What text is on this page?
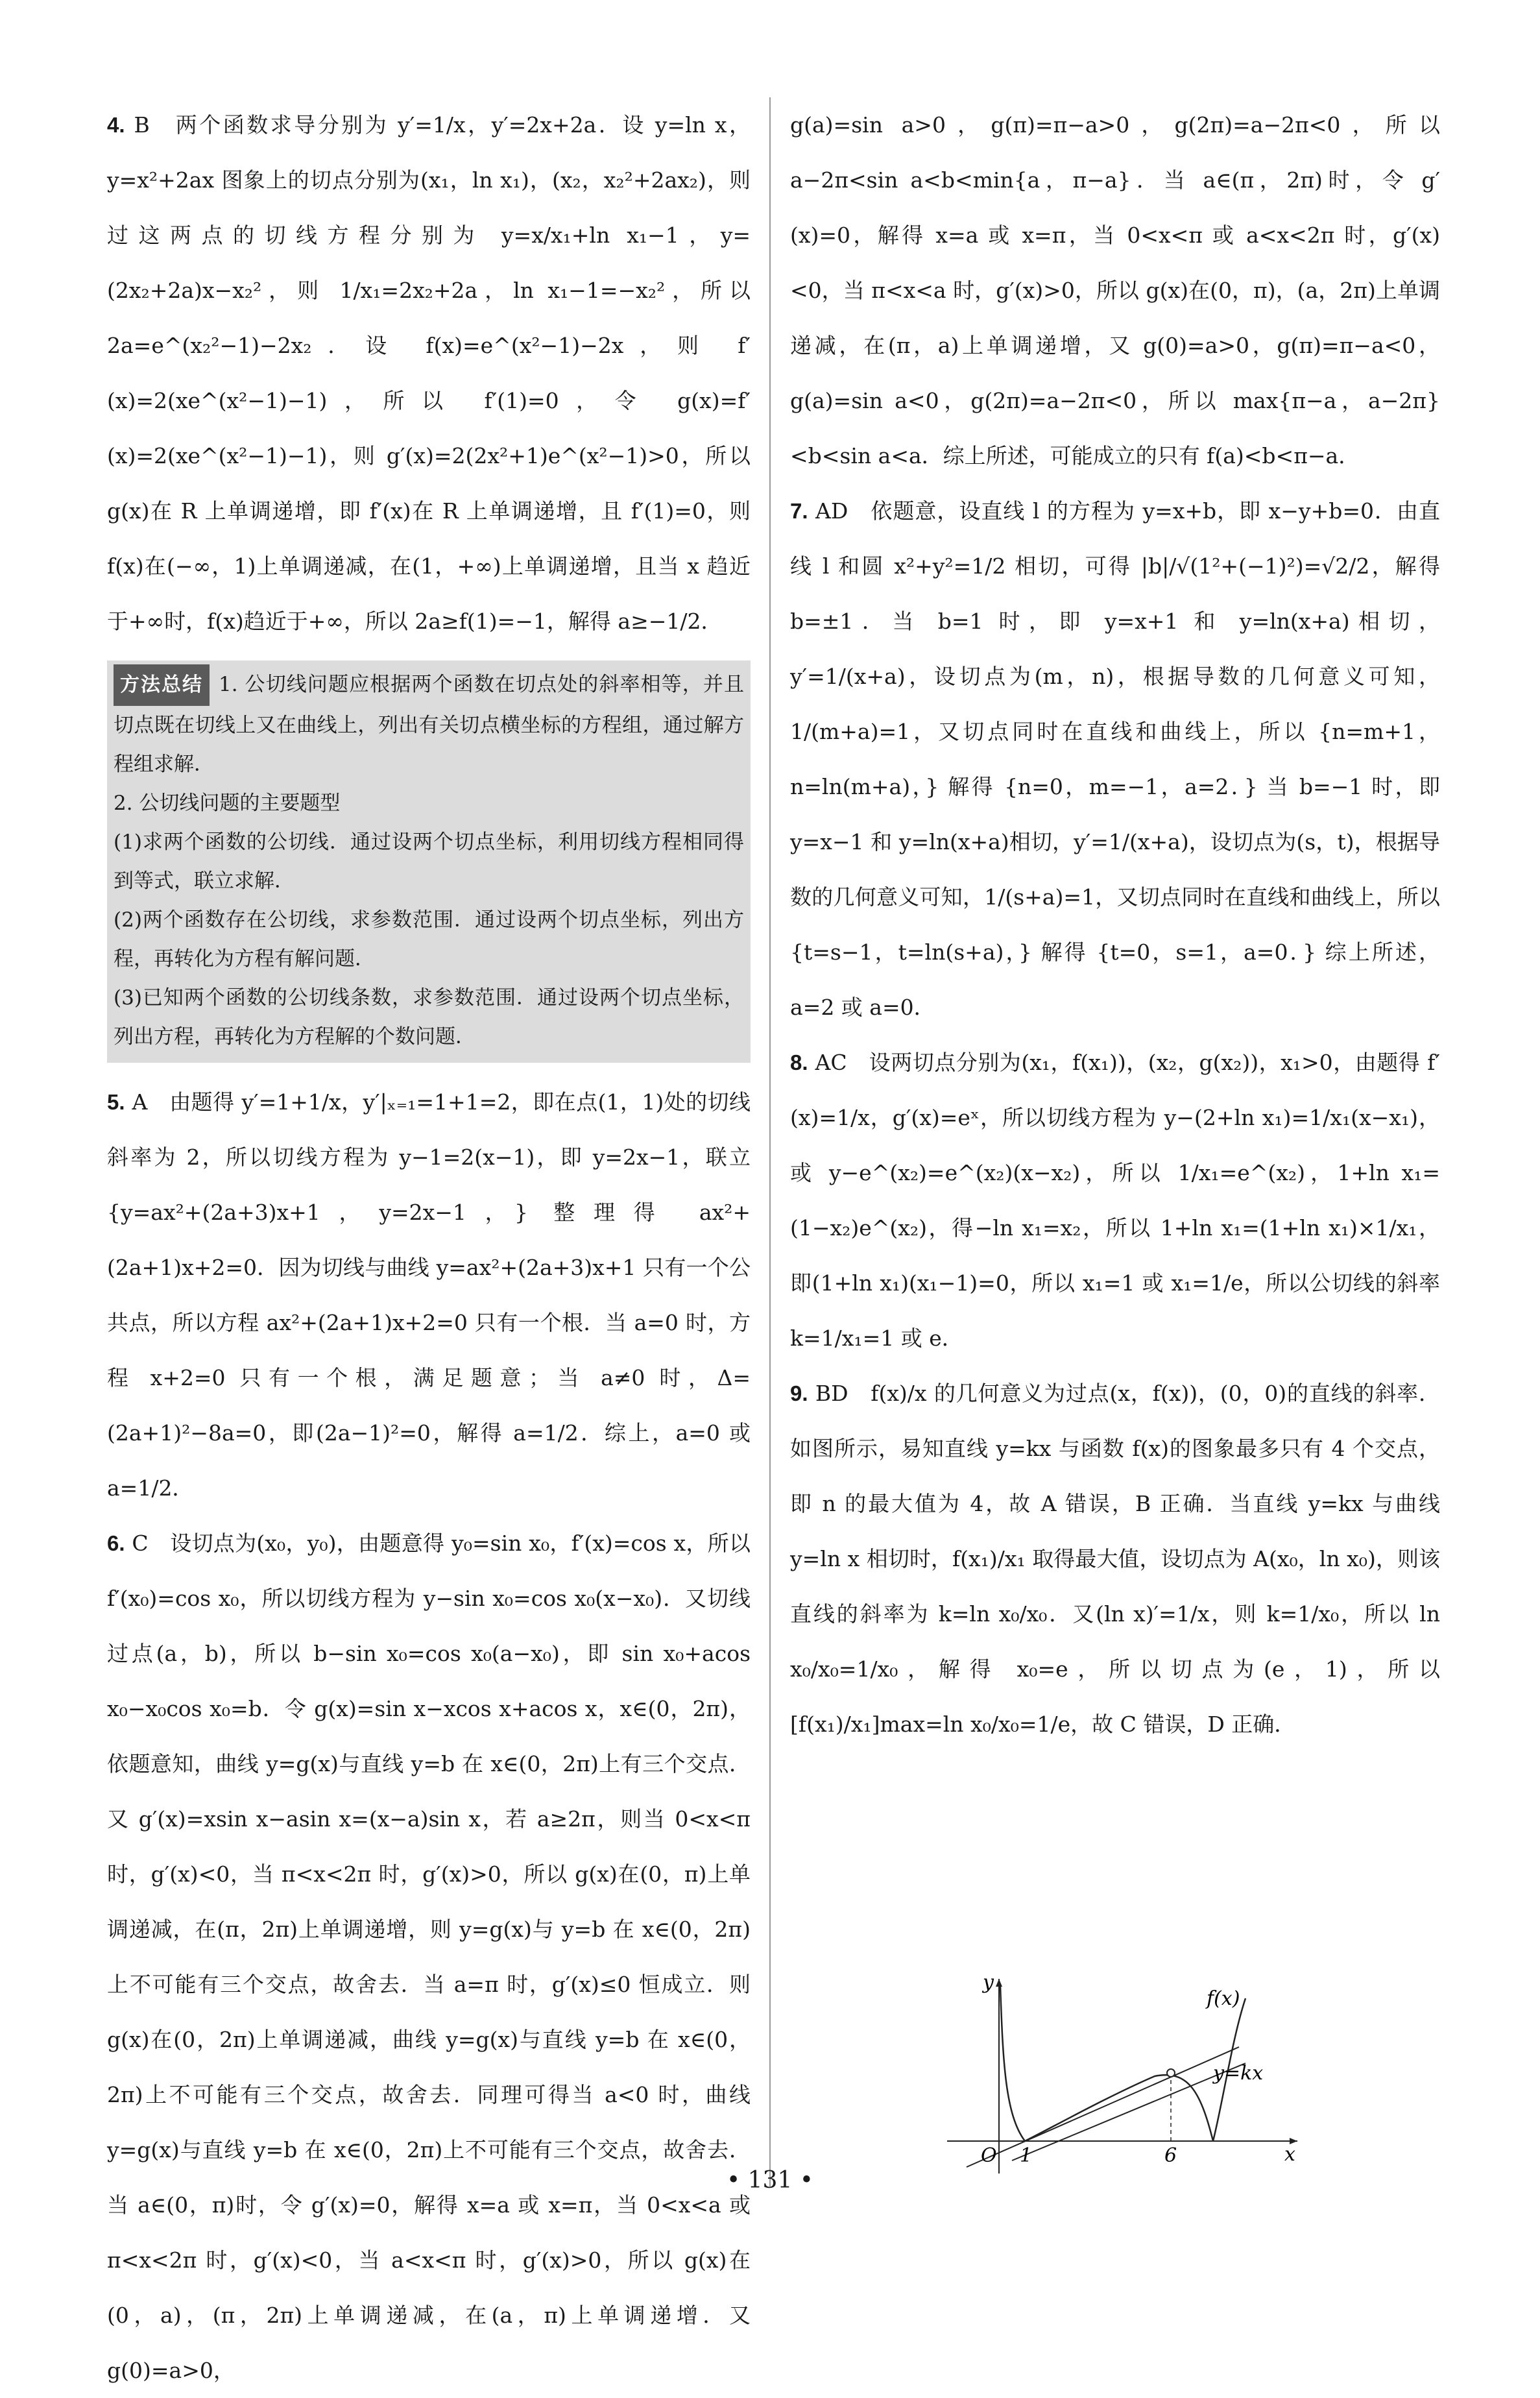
4. B　两个函数求导分别为 y′=1/x，y′=2x+2a．设 y=ln x，y=x²+2ax 图象上的切点分别为(x₁，ln x₁)，(x₂，x₂²+2ax₂)，则过这两点的切线方程分别为 y=x/x₁+ln x₁−1，y=(2x₂+2a)x−x₂²，则 1/x₁=2x₂+2a，ln x₁−1=−x₂²，所以 2a=e^(x₂²−1)−2x₂．设 f(x)=e^(x²−1)−2x，则 f′(x)=2(xe^(x²−1)−1)，所以 f′(1)=0，令 g(x)=f′(x)=2(xe^(x²−1)−1)，则 g′(x)=2(2x²+1)e^(x²−1)>0，所以 g(x)在 R 上单调递增，即 f′(x)在 R 上单调递增，且 f′(1)=0，则 f(x)在(−∞，1)上单调递减，在(1，+∞)上单调递增，且当 x 趋近于+∞时，f(x)趋近于+∞，所以 2a≥f(1)=−1，解得 a≥−1/2．

方法总结 1. 公切线问题应根据两个函数在切点处的斜率相等，并且切点既在切线上又在曲线上，列出有关切点横坐标的方程组，通过解方程组求解．

2. 公切线问题的主要题型

(1)求两个函数的公切线．通过设两个切点坐标，利用切线方程相同得到等式，联立求解．

(2)两个函数存在公切线，求参数范围．通过设两个切点坐标，列出方程，再转化为方程有解问题．

(3)已知两个函数的公切线条数，求参数范围．通过设两个切点坐标，列出方程，再转化为方程解的个数问题．

5. A　由题得 y′=1+1/x，y′|ₓ₌₁=1+1=2，即在点(1，1)处的切线斜率为 2，所以切线方程为 y−1=2(x−1)，即 y=2x−1，联立 {y=ax²+(2a+3)x+1，y=2x−1，} 整理得 ax²+(2a+1)x+2=0．因为切线与曲线 y=ax²+(2a+3)x+1 只有一个公共点，所以方程 ax²+(2a+1)x+2=0 只有一个根．当 a=0 时，方程 x+2=0 只有一个根，满足题意；当 a≠0 时，Δ=(2a+1)²−8a=0，即(2a−1)²=0，解得 a=1/2．综上，a=0 或 a=1/2．

6. C　设切点为(x₀，y₀)，由题意得 y₀=sin x₀，f′(x)=cos x，所以 f′(x₀)=cos x₀，所以切线方程为 y−sin x₀=cos x₀(x−x₀)．又切线过点(a，b)，所以 b−sin x₀=cos x₀(a−x₀)，即 sin x₀+acos x₀−x₀cos x₀=b．令 g(x)=sin x−xcos x+acos x，x∈(0，2π)，依题意知，曲线 y=g(x)与直线 y=b 在 x∈(0，2π)上有三个交点．又 g′(x)=xsin x−asin x=(x−a)sin x，若 a≥2π，则当 0<x<π 时，g′(x)<0，当 π<x<2π 时，g′(x)>0，所以 g(x)在(0，π)上单调递减，在(π，2π)上单调递增，则 y=g(x)与 y=b 在 x∈(0，2π)上不可能有三个交点，故舍去．当 a=π 时，g′(x)≤0 恒成立．则 g(x)在(0，2π)上单调递减，曲线 y=g(x)与直线 y=b 在 x∈(0，2π)上不可能有三个交点，故舍去．同理可得当 a<0 时，曲线 y=g(x)与直线 y=b 在 x∈(0，2π)上不可能有三个交点，故舍去．当 a∈(0，π)时，令 g′(x)=0，解得 x=a 或 x=π，当 0<x<a 或 π<x<2π 时，g′(x)<0，当 a<x<π 时，g′(x)>0，所以 g(x)在(0，a)，(π，2π)上单调递减，在(a，π)上单调递增．又 g(0)=a>0，

g(a)=sin a>0，g(π)=π−a>0，g(2π)=a−2π<0，所以 a−2π<sin a<b<min{a，π−a}．当 a∈(π，2π)时，令 g′(x)=0，解得 x=a 或 x=π，当 0<x<π 或 a<x<2π 时，g′(x)<0，当 π<x<a 时，g′(x)>0，所以 g(x)在(0，π)，(a，2π)上单调递减，在(π，a)上单调递增，又 g(0)=a>0，g(π)=π−a<0，g(a)=sin a<0，g(2π)=a−2π<0，所以 max{π−a，a−2π}<b<sin a<a．综上所述，可能成立的只有 f(a)<b<π−a．

7. AD　依题意，设直线 l 的方程为 y=x+b，即 x−y+b=0．由直线 l 和圆 x²+y²=1/2 相切，可得 |b|/√(1²+(−1)²)=√2/2，解得 b=±1．当 b=1 时，即 y=x+1 和 y=ln(x+a)相切，y′=1/(x+a)，设切点为(m，n)，根据导数的几何意义可知，1/(m+a)=1，又切点同时在直线和曲线上，所以 {n=m+1，n=ln(m+a)，} 解得 {n=0，m=−1，a=2．} 当 b=−1 时，即 y=x−1 和 y=ln(x+a)相切，y′=1/(x+a)，设切点为(s，t)，根据导数的几何意义可知，1/(s+a)=1，又切点同时在直线和曲线上，所以 {t=s−1，t=ln(s+a)，} 解得 {t=0，s=1，a=0．} 综上所述，a=2 或 a=0．

8. AC　设两切点分别为(x₁，f(x₁))，(x₂，g(x₂))，x₁>0，由题得 f′(x)=1/x，g′(x)=eˣ，所以切线方程为 y−(2+ln x₁)=1/x₁(x−x₁)，或 y−e^(x₂)=e^(x₂)(x−x₂)，所以 1/x₁=e^(x₂)，1+ln x₁=(1−x₂)e^(x₂)，得−ln x₁=x₂，所以 1+ln x₁=(1+ln x₁)×1/x₁，即(1+ln x₁)(x₁−1)=0，所以 x₁=1 或 x₁=1/e，所以公切线的斜率 k=1/x₁=1 或 e．

9. BD　f(x)/x 的几何意义为过点(x，f(x))，(0，0)的直线的斜率．如图所示，易知直线 y=kx 与函数 f(x)的图象最多只有 4 个交点，即 n 的最大值为 4，故 A 错误，B 正确．当直线 y=kx 与曲线 y=ln x 相切时，f(x₁)/x₁ 取得最大值，设切点为 A(x₀，ln x₀)，则该直线的斜率为 k=ln x₀/x₀．又(ln x)′=1/x，则 k=1/x₀，所以 ln x₀/x₀=1/x₀，解得 x₀=e，所以切点为(e，1)，所以 [f(x₁)/x₁]max=ln x₀/x₀=1/e，故 C 错误，D 正确．

y
x
O 1	6
f(x)
y=kx
• 131 •
